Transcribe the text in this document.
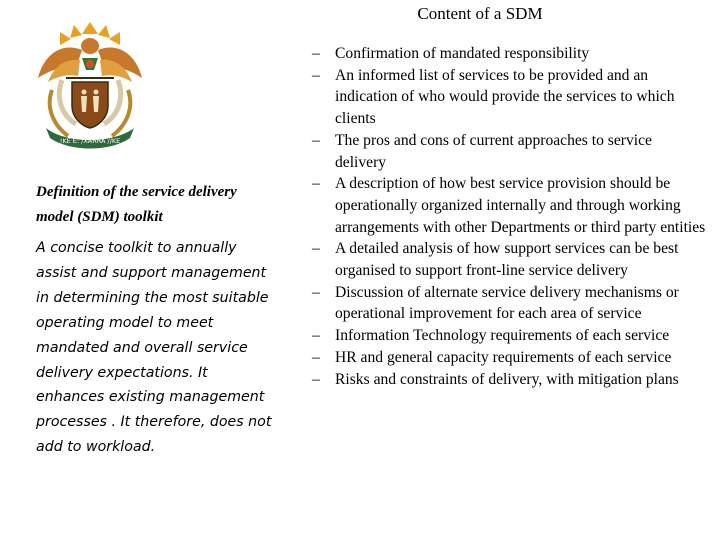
Content of a SDM
!KE E: /XARRA //KE

Definition of the service delivery model (SDM) toolkit

A concise toolkit to annually assist and support management in determining the most suitable operating model to meet mandated and overall service delivery expectations. It enhances existing management processes . It therefore, does not add to workload.

– Confirmation of mandated responsibility
– An informed list of services to be provided and an indication of who would provide the services to which clients
– The pros and cons of current approaches to service delivery
– A description of how best service provision should be operationally organized internally and through working arrangements with other Departments or third party entities
– A detailed analysis of how support services can be best organised to support front-line service delivery
– Discussion of alternate service delivery mechanisms or operational improvement for each area of service
– Information Technology requirements of each service
– HR and general capacity requirements of each service
– Risks and constraints of delivery, with mitigation plans
